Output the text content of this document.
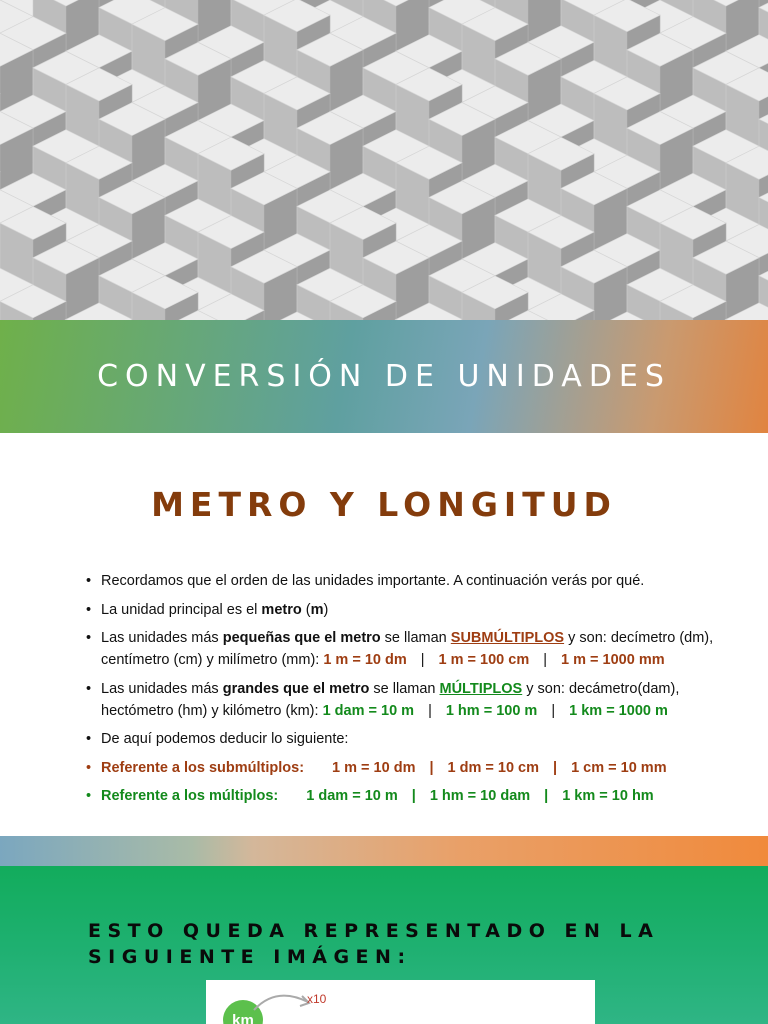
CONVERSIÓN DE UNIDADES
METRO Y LONGITUD
• Recordamos que el orden de las unidades importante. A continuación verás por qué.
• La unidad principal es el metro (m)
• Las unidades más pequeñas que el metro se llaman SUBMÚLTIPLOS y son: decímetro (dm), centímetro (cm) y milímetro (mm): 1 m = 10 dm | 1 m = 100 cm | 1 m = 1000 mm
• Las unidades más grandes que el metro se llaman MÚLTIPLOS y son: decámetro(dam), hectómetro (hm) y kilómetro (km): 1 dam = 10 m | 1 hm = 100 m | 1 km = 1000 m
• De aquí podemos deducir lo siguiente:
• Referente a los submúltiplos: 1 m = 10 dm | 1 dm = 10 cm | 1 cm = 10 mm
• Referente a los múltiplos: 1 dam = 10 m | 1 hm = 10 dam | 1 km = 10 hm
ESTO QUEDA REPRESENTADO EN LA SIGUIENTE IMÁGEN:
km
x10
